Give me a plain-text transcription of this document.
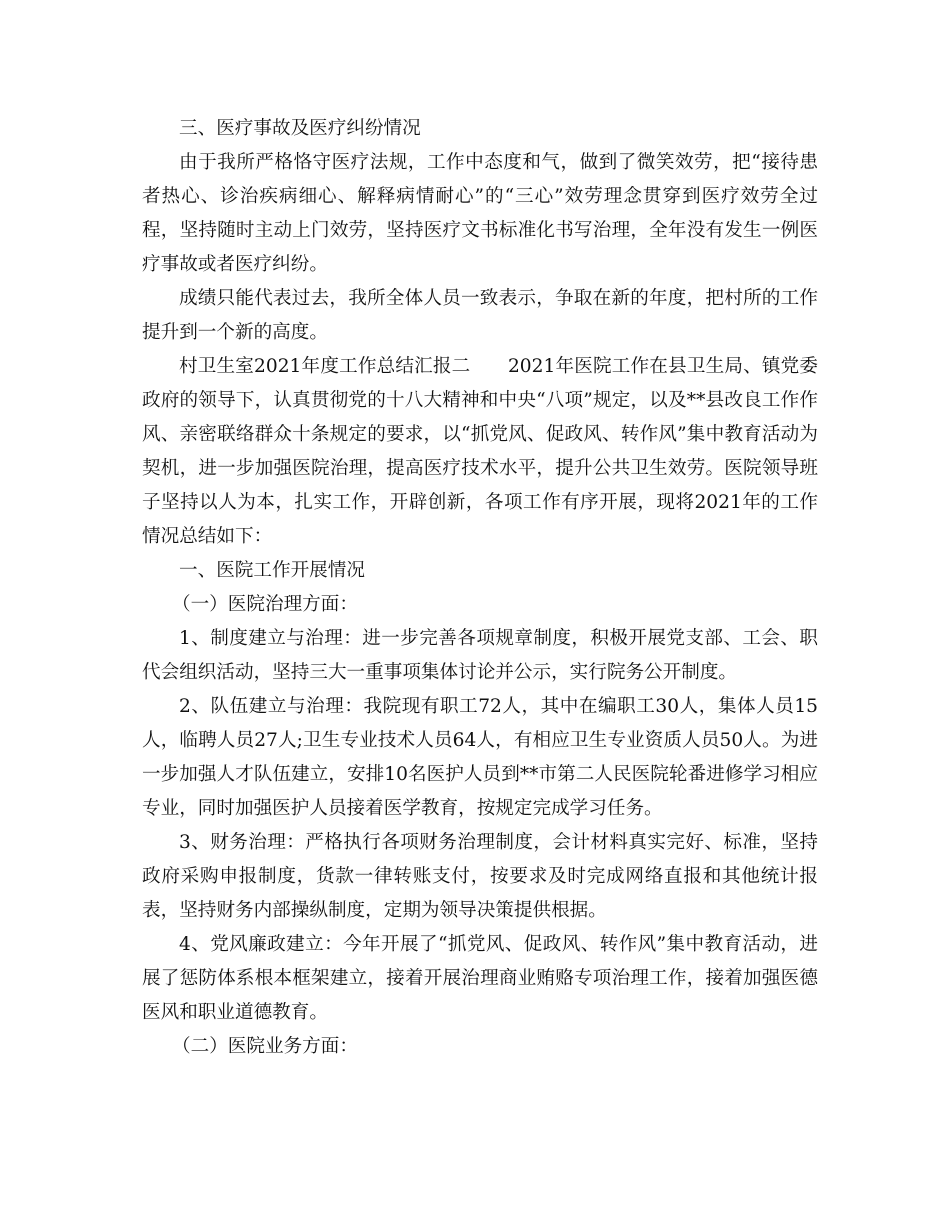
三、医疗事故及医疗纠纷情况

由于我所严格恪守医疗法规，工作中态度和气，做到了微笑效劳，把“接待患者热心、诊治疾病细心、解释病情耐心”的“三心”效劳理念贯穿到医疗效劳全过程，坚持随时主动上门效劳，坚持医疗文书标准化书写治理，全年没有发生一例医疗事故或者医疗纠纷。

成绩只能代表过去，我所全体人员一致表示，争取在新的年度，把村所的工作提升到一个新的高度。

村卫生室2021年度工作总结汇报二　　2021年医院工作在县卫生局、镇党委政府的领导下，认真贯彻党的十八大精神和中央“八项”规定，以及**县改良工作作风、亲密联络群众十条规定的要求，以“抓党风、促政风、转作风”集中教育活动为契机，进一步加强医院治理，提高医疗技术水平，提升公共卫生效劳。医院领导班子坚持以人为本，扎实工作，开辟创新，各项工作有序开展，现将2021年的工作情况总结如下：

一、医院工作开展情况

（一）医院治理方面：

1、制度建立与治理：进一步完善各项规章制度，积极开展党支部、工会、职代会组织活动，坚持三大一重事项集体讨论并公示，实行院务公开制度。

2、队伍建立与治理：我院现有职工72人，其中在编职工30人，集体人员15人，临聘人员27人;卫生专业技术人员64人，有相应卫生专业资质人员50人。为进一步加强人才队伍建立，安排10名医护人员到**市第二人民医院轮番进修学习相应专业，同时加强医护人员接着医学教育，按规定完成学习任务。

3、财务治理：严格执行各项财务治理制度，会计材料真实完好、标准，坚持政府采购申报制度，货款一律转账支付，按要求及时完成网络直报和其他统计报表，坚持财务内部操纵制度，定期为领导决策提供根据。

4、党风廉政建立：今年开展了“抓党风、促政风、转作风”集中教育活动，进展了惩防体系根本框架建立，接着开展治理商业贿赂专项治理工作，接着加强医德医风和职业道德教育。

（二）医院业务方面：
